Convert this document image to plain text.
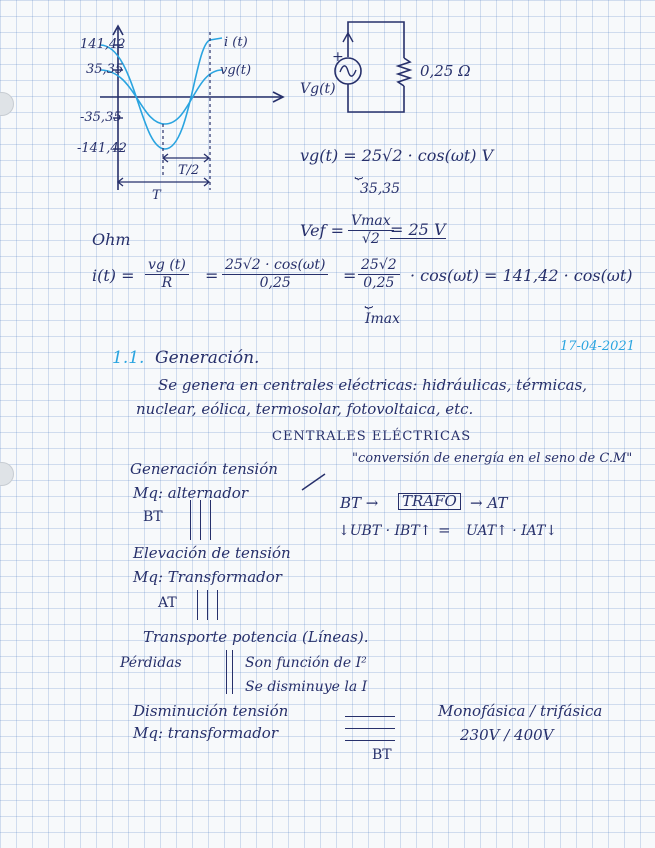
141,42
35,35
-35,35
-141,42
i (t)
vg(t)
T/2
T
+
Vg(t)
0,25 Ω
vg(t) = 25√2 · cos(ωt) V
⏟
35,35
Vef = Vmax
√2 = 25 V
Ohm
$i(t) = \frac{vg (t)}{R} = \frac{25√2 \cdot \cos(\omega t)}{0,25} = \frac{25√2}{0,25} \cdot \cos(\omega t) = 141,42 \cdot \cos(\omega t)$
⏟
Imax
17-04-2021
1.1. Generación.
Se genera en centrales eléctricas: hidráulicas, térmicas,
nuclear, eólica, termosolar, fotovoltaica, etc.
CENTRALES ELÉCTRICAS
"conversión de energía en el seno de C.M"
Generación tensión
Mq: alternador
BT
BT → TRAFO → AT
↓UBT · IBT↑ = UAT↑ · IAT↓
Elevación de tensión
Mq: Transformador
AT
Transporte potencia (Líneas).
Pérdidas	Son función de I²
Se disminuye la I
Disminución tensión
Mq: transformador
BT
Monofásica / trifásica
230V / 400V
